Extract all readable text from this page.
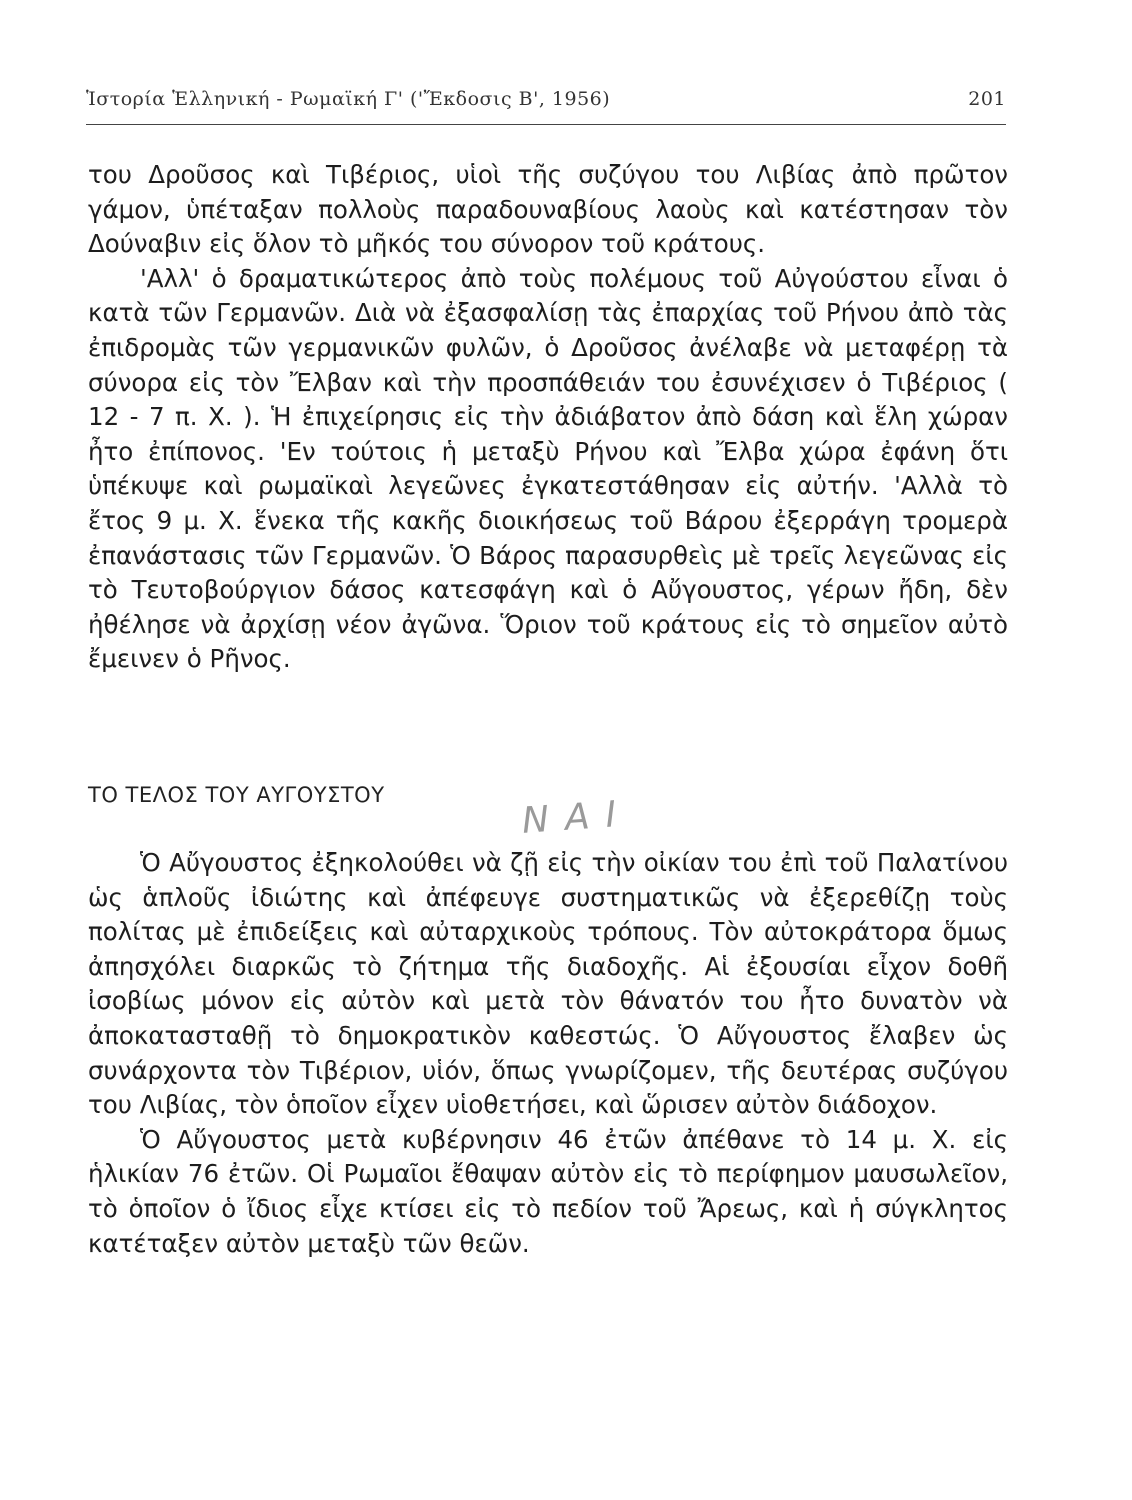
Ἱστορία Ἑλληνική - Ρωμαϊκή Γ' ('Ἔκδοσις Β', 1956)	201

του Δροῦσος καὶ Τιβέριος, υἱοὶ τῆς συζύγου του Λιβίας ἀπὸ πρῶτον γάμον, ὑπέταξαν πολλοὺς παραδουναβίους λαοὺς καὶ κατέστησαν τὸν Δούναβιν εἰς ὅλον τὸ μῆκός του σύνορον τοῦ κράτους.

'Αλλ' ὁ δραματικώτερος ἀπὸ τοὺς πολέμους τοῦ Αὐγούστου εἶναι ὁ κατὰ τῶν Γερμανῶν. Διὰ νὰ ἐξασφαλίσῃ τὰς ἐπαρχίας τοῦ Ρήνου ἀπὸ τὰς ἐπιδρομὰς τῶν γερμανικῶν φυλῶν, ὁ Δροῦσος ἀνέλαβε νὰ μεταφέρῃ τὰ σύνορα εἰς τὸν Ἔλβαν καὶ τὴν προσπάθειάν του ἐσυνέχισεν ὁ Τιβέριος ( 12 - 7 π. Χ. ). Ἡ ἐπιχείρησις εἰς τὴν ἀδιάβατον ἀπὸ δάση καὶ ἕλη χώραν ἦτο ἐπίπονος. 'Εν τούτοις ἡ μεταξὺ Ρήνου καὶ Ἔλβα χώρα ἐφάνη ὅτι ὑπέκυψε καὶ ρωμαϊκαὶ λεγεῶνες ἐγκατεστάθησαν εἰς αὐτήν. 'Αλλὰ τὸ ἔτος 9 μ. Χ. ἕνεκα τῆς κακῆς διοικήσεως τοῦ Βάρου ἐξερράγη τρομερὰ ἐπανάστασις τῶν Γερμανῶν. Ὁ Βάρος παρασυρθεὶς μὲ τρεῖς λεγεῶνας εἰς τὸ Τευτοβούργιον δάσος κατεσφάγη καὶ ὁ Αὔγουστος, γέρων ἤδη, δὲν ἠθέλησε νὰ ἀρχίσῃ νέον ἀγῶνα. Ὅριον τοῦ κράτους εἰς τὸ σημεῖον αὐτὸ ἔμεινεν ὁ Ρῆνος.

ΤΟ ΤΕΛΟΣ ΤΟΥ ΑΥΓΟΥΣΤΟΥ	ΝΑΙ

Ὁ Αὔγουστος ἐξηκολούθει νὰ ζῇ εἰς τὴν οἰκίαν του ἐπὶ τοῦ Παλατίνου ὡς ἁπλοῦς ἰδιώτης καὶ ἀπέφευγε συστηματικῶς νὰ ἐξερεθίζῃ τοὺς πολίτας μὲ ἐπιδείξεις καὶ αὐταρχικοὺς τρόπους. Τὸν αὐτοκράτορα ὅμως ἀπησχόλει διαρκῶς τὸ ζήτημα τῆς διαδοχῆς. Αἱ ἐξουσίαι εἶχον δοθῆ ἰσοβίως μόνον εἰς αὐτὸν καὶ μετὰ τὸν θάνατόν του ἦτο δυνατὸν νὰ ἀποκατασταθῇ τὸ δημοκρατικὸν καθεστώς. Ὁ Αὔγουστος ἔλαβεν ὡς συνάρχοντα τὸν Τιβέριον, υἱόν, ὅπως γνωρίζομεν, τῆς δευτέρας συζύγου του Λιβίας, τὸν ὁποῖον εἶχεν υἱοθετήσει, καὶ ὥρισεν αὐτὸν διάδοχον.

Ὁ Αὔγουστος μετὰ κυβέρνησιν 46 ἐτῶν ἀπέθανε τὸ 14 μ. Χ. εἰς ἡλικίαν 76 ἐτῶν. Οἱ Ρωμαῖοι ἔθαψαν αὐτὸν εἰς τὸ περίφημον μαυσωλεῖον, τὸ ὁποῖον ὁ ἴδιος εἶχε κτίσει εἰς τὸ πεδίον τοῦ Ἄρεως, καὶ ἡ σύγκλητος κατέταξεν αὐτὸν μεταξὺ τῶν θεῶν.
